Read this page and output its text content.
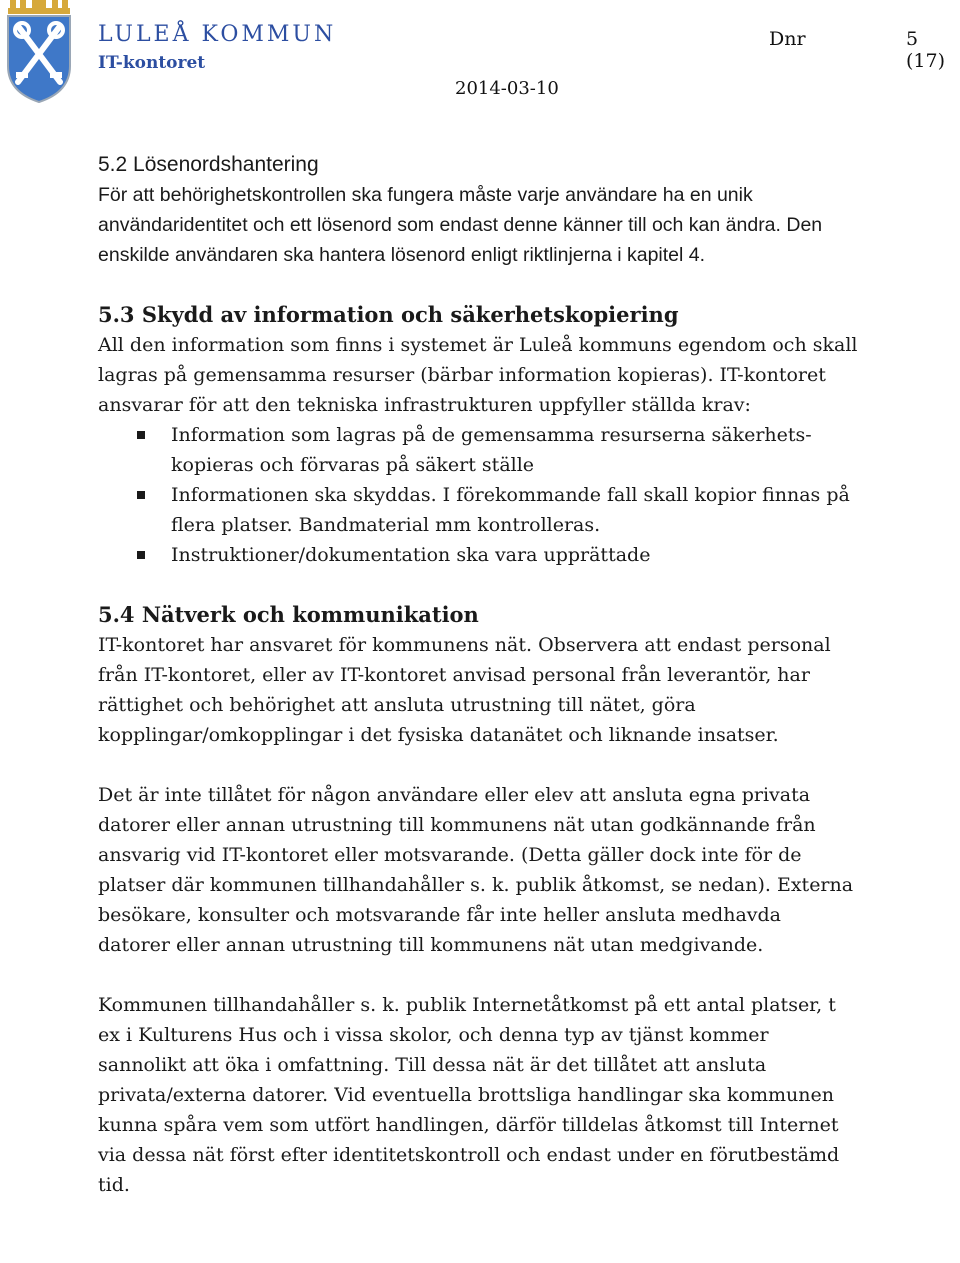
LULEÅ KOMMUN
IT-kontoret
Dnr	5 (17)
2014-03-10
5.2 Lösenordshantering

För att behörighetskontrollen ska fungera måste varje användare ha en unik användaridentitet och ett lösenord som endast denne känner till och kan ändra. Den enskilde användaren ska hantera lösenord enligt riktlinjerna i kapitel 4.

5.3 Skydd av information och säkerhetskopiering

All den information som finns i systemet är Luleå kommuns egendom och skall lagras på gemensamma resurser (bärbar information kopieras). IT-kontoret ansvarar för att den tekniska infrastrukturen uppfyller ställda krav:

Information som lagras på de gemensamma resurserna säkerhets-kopieras och förvaras på säkert ställe
Informationen ska skyddas. I förekommande fall skall kopior finnas på flera platser. Bandmaterial mm kontrolleras.
Instruktioner/dokumentation ska vara upprättade
5.4 Nätverk och kommunikation

IT-kontoret har ansvaret för kommunens nät. Observera att endast personal från IT-kontoret, eller av IT-kontoret anvisad personal från leverantör, har rättighet och behörighet att ansluta utrustning till nätet, göra kopplingar/omkopplingar i det fysiska datanätet och liknande insatser.

Det är inte tillåtet för någon användare eller elev att ansluta egna privata datorer eller annan utrustning till kommunens nät utan godkännande från ansvarig vid IT-kontoret eller motsvarande. (Detta gäller dock inte för de platser där kommunen tillhandahåller s. k. publik åtkomst, se nedan). Externa besökare, konsulter och motsvarande får inte heller ansluta medhavda datorer eller annan utrustning till kommunens nät utan medgivande.

Kommunen tillhandahåller s. k. publik Internetåtkomst på ett antal platser, t ex i Kulturens Hus och i vissa skolor, och denna typ av tjänst kommer sannolikt att öka i omfattning. Till dessa nät är det tillåtet att ansluta privata/externa datorer. Vid eventuella brottsliga handlingar ska kommunen kunna spåra vem som utfört handlingen, därför tilldelas åtkomst till Internet via dessa nät först efter identitetskontroll och endast under en förutbestämd tid.
